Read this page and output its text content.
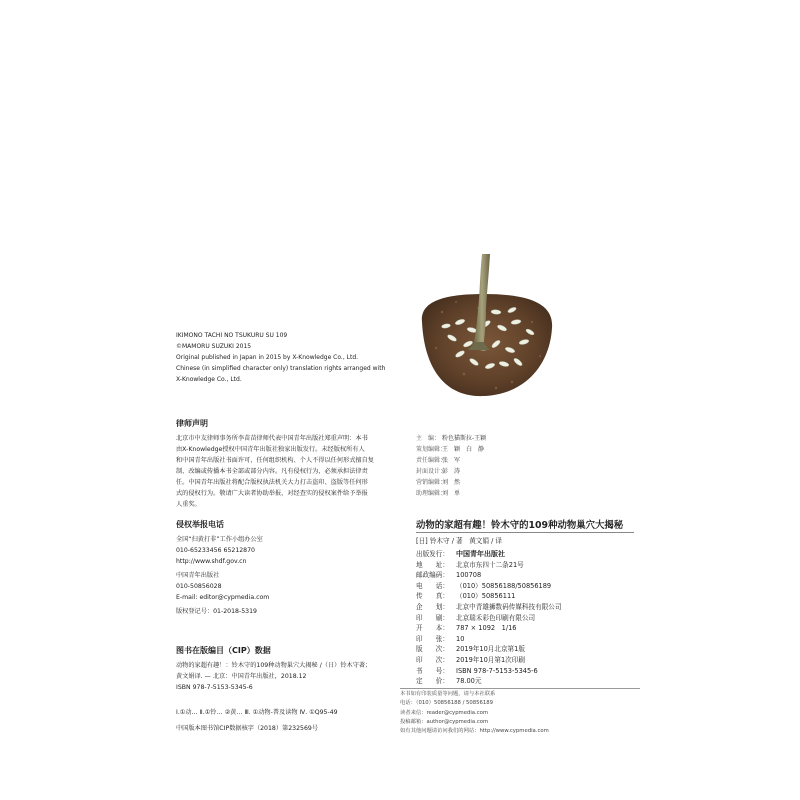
IKIMONO TACHI NO TSUKURU SU 109
©MAMORU SUZUKI 2015
Original published in Japan in 2015 by X-Knowledge Co., Ltd.
Chinese (in simplified character only) translation rights arranged with
X-Knowledge Co., Ltd.
律师声明
北京市中友律师事务所李苗苗律师代表中国青年出版社郑重声明：本书
由X-Knowledge授权中国青年出版社独家出版发行。未经版权所有人
和中国青年出版社书面许可，任何组织机构、个人不得以任何形式擅自复
制、改编或传播本书全部或部分内容。凡有侵权行为，必须承担法律责
任。中国青年出版社将配合版权执法机关大力打击盗印、盗版等任何形
式的侵权行为。敬请广大读者协助举报，对经查实的侵权案件给予举报
人重奖。
侵权举报电话
全国“扫黄打非”工作小组办公室
010-65233456 65212870
http://www.shdf.gov.cn
中国青年出版社
010-50856028
E-mail: editor@cypmedia.com
版权登记号：01-2018-5319
图书在版编目（CIP）数据
动物的家超有趣！：铃木守的109种动物巢穴大揭秘 /（日）铃木守著；
黄文娟译. — 北京：中国青年出版社，2018.12
ISBN 978-7-5153-5345-6
Ⅰ.①动… Ⅱ.①铃… ②黄… Ⅲ. ①动物-普及读物 Ⅳ. ①Q95-49
中国版本图书馆CIP数据核字（2018）第232569号
主　编： 粉色猫斯拉-王颖
策划编辑：王　颖　白　静
责任编辑：张　军
封面设计：彭　涛
营销编辑：刘　然
助理编辑：刘　单
动物的家超有趣！铃木守的109种动物巢穴大揭秘
[日] 铃木守 / 著　黄文娟 / 译
出版发行： 中国青年出版社
地　　址： 北京市东四十二条21号
邮政编码： 100708
电　　话： （010）50856188/50856189
传　　真： （010）50856111
企　　划： 北京中青雄狮数码传媒科技有限公司
印　　刷： 北京瑞禾彩色印刷有限公司
开　　本： 787 × 1092　1/16
印　　张： 10
版　　次： 2019年10月北京第1版
印　　次： 2019年10月第1次印刷
书　　号： ISBN 978-7-5153-5345-6
定　　价： 78.00元
本书如有印装质量等问题，请与本社联系
电话：（010）50856188 / 50856189
读者来信：reader@cypmedia.com
投稿邮箱：author@cypmedia.com
如有其他问题请访问我们的网站：http://www.cypmedia.com
